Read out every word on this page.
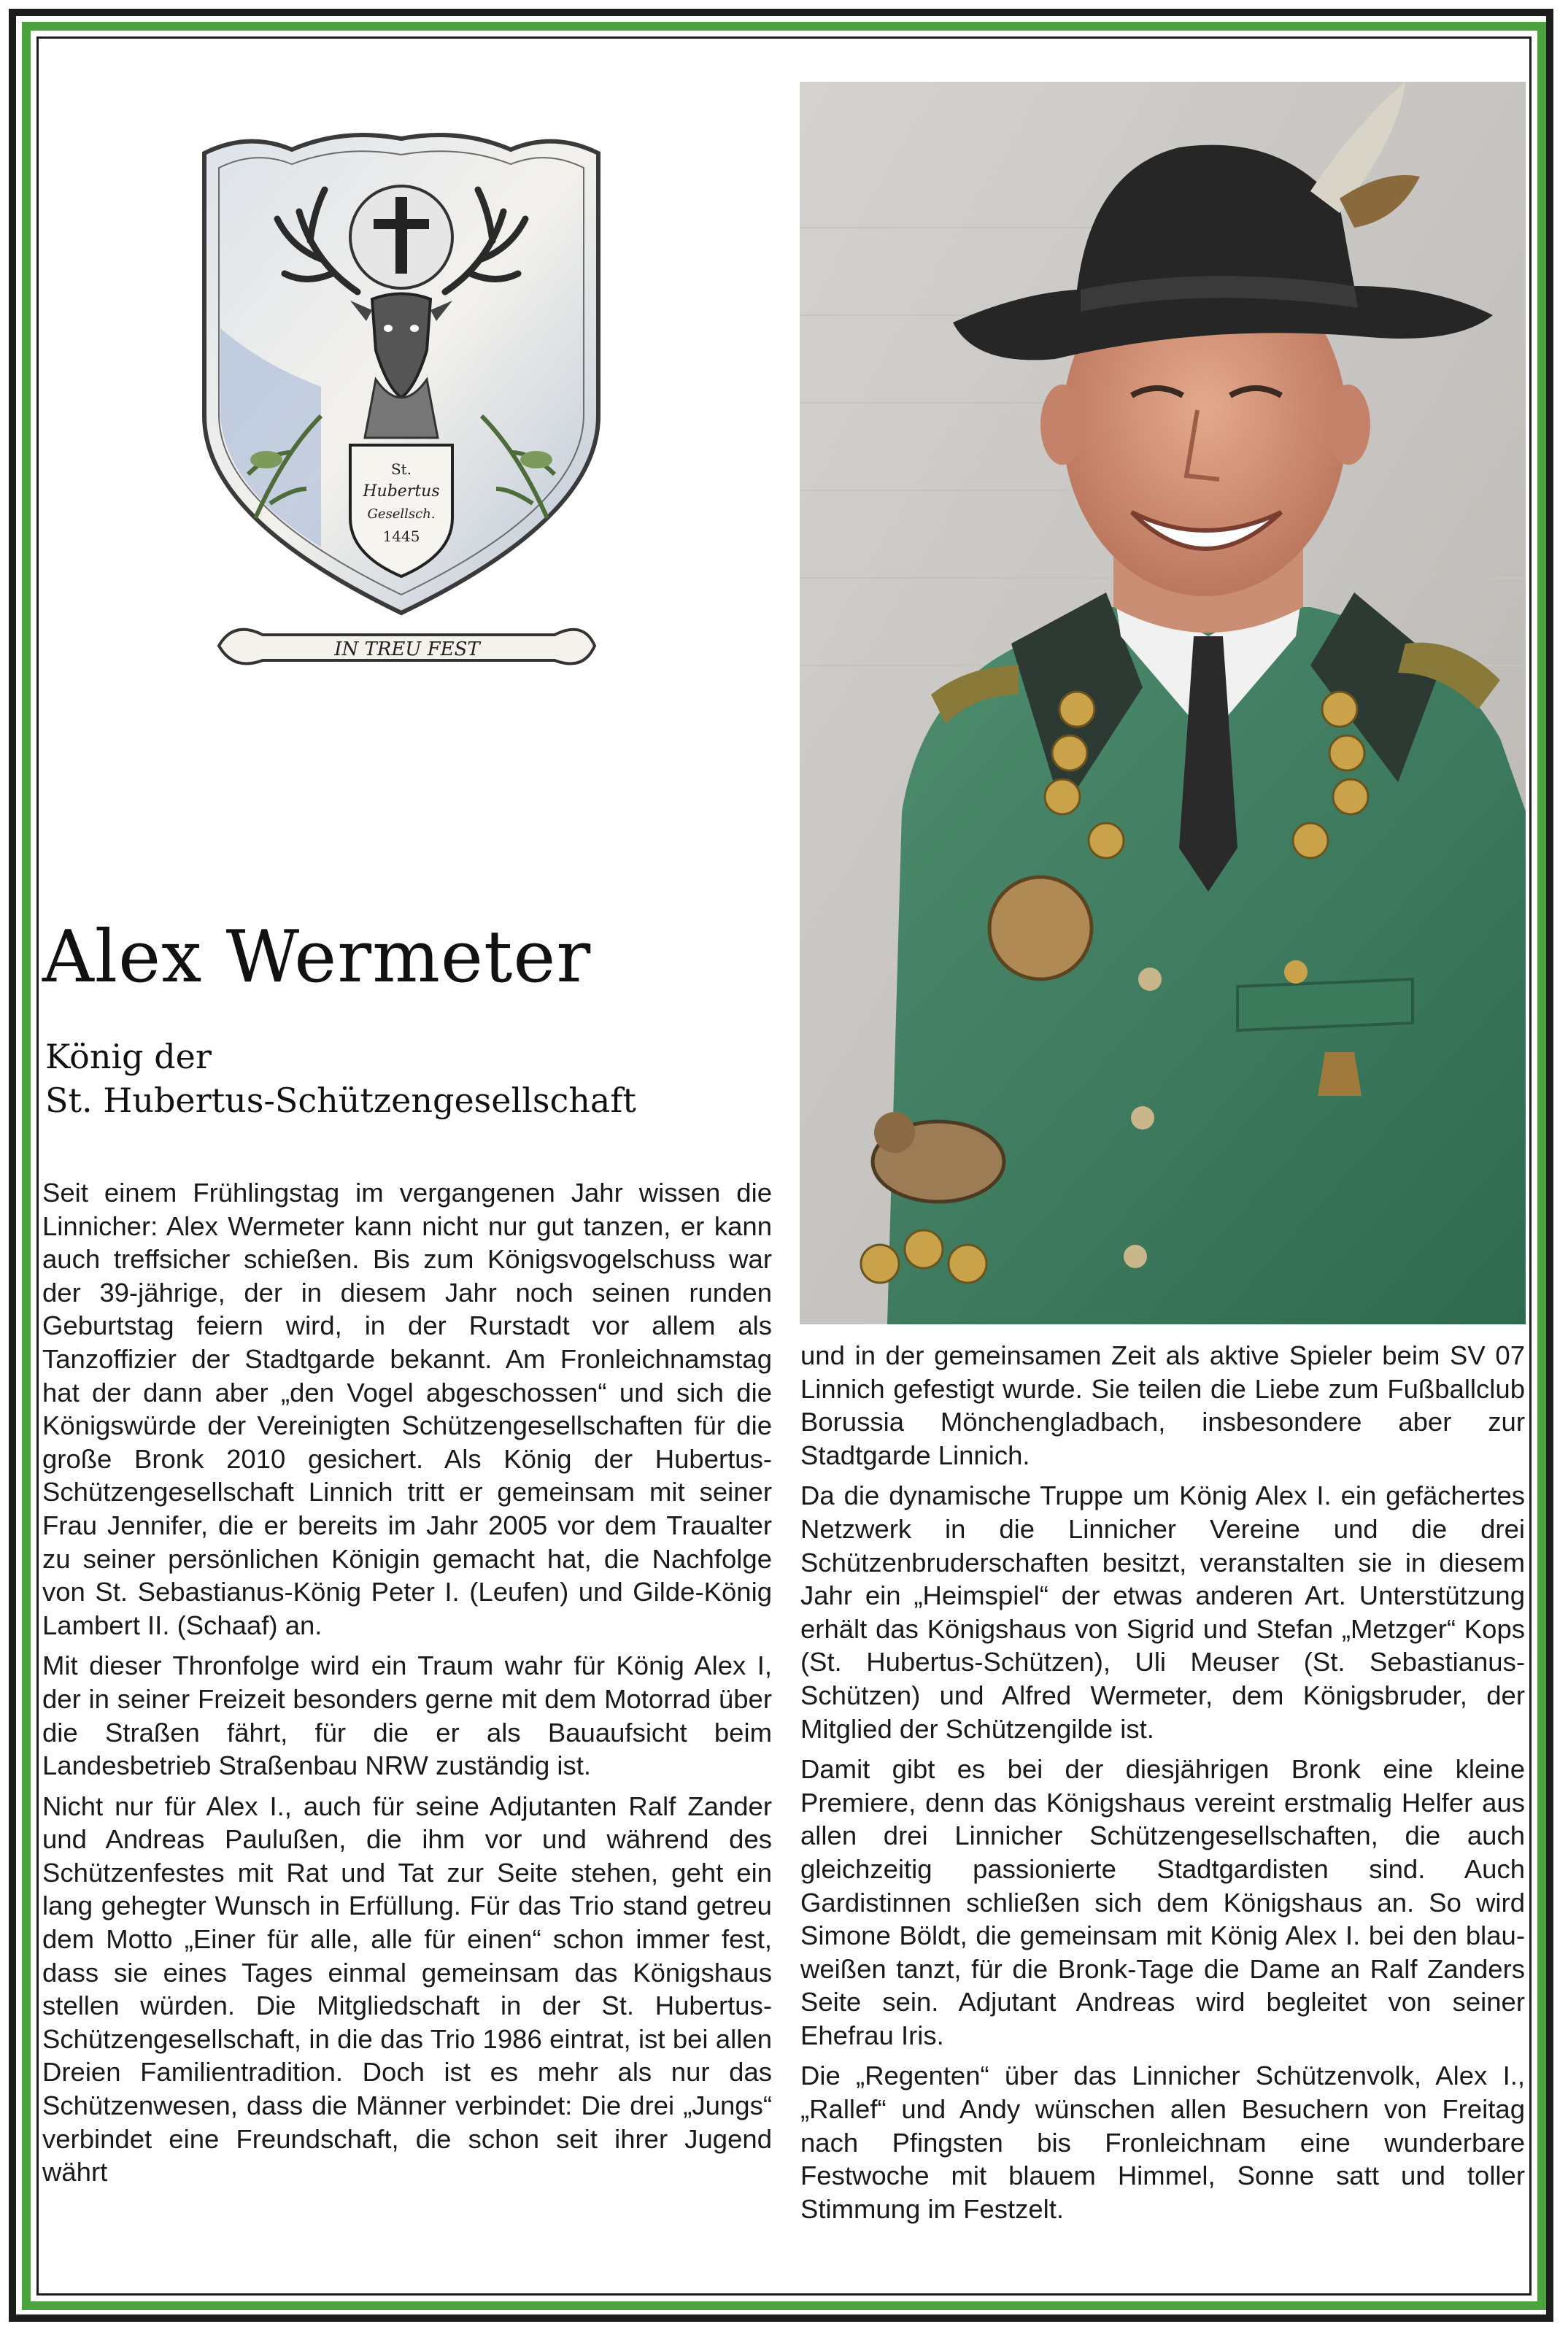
St.
Hubertus
Gesellsch.
1445
IN TREU FEST
Alex Wermeter
König der
St. Hubertus-Schützengesellschaft

Seit einem Frühlingstag im vergangenen Jahr wissen die Linnicher: Alex Wermeter kann nicht nur gut tanzen, er kann auch treffsicher schießen. Bis zum Königsvogelschuss war der 39-jährige, der in diesem Jahr noch seinen runden Geburtstag feiern wird, in der Rurstadt vor allem als Tanzoffizier der Stadtgarde bekannt. Am Fronleichnamstag hat der dann aber „den Vogel abgeschossen“ und sich die Königswürde der Vereinigten Schützengesellschaften für die große Bronk 2010 gesichert. Als König der Hubertus-Schützengesellschaft Linnich tritt er gemeinsam mit seiner Frau Jennifer, die er bereits im Jahr 2005 vor dem Traualter zu seiner persönlichen Königin gemacht hat, die Nachfolge von St. Sebastianus-König Peter I. (Leufen) und Gilde-König Lambert II. (Schaaf) an.

Mit dieser Thronfolge wird ein Traum wahr für König Alex I, der in seiner Freizeit besonders gerne mit dem Motorrad über die Straßen fährt, für die er als Bauaufsicht beim Landesbetrieb Straßenbau NRW zuständig ist.

Nicht nur für Alex I., auch für seine Adjutanten Ralf Zander und Andreas Paulußen, die ihm vor und während des Schützenfestes mit Rat und Tat zur Seite stehen, geht ein lang gehegter Wunsch in Erfüllung. Für das Trio stand getreu dem Motto „Einer für alle, alle für einen“ schon immer fest, dass sie eines Tages einmal gemeinsam das Königshaus stellen würden. Die Mitgliedschaft in der St. Hubertus-Schützengesellschaft, in die das Trio 1986 eintrat, ist bei allen Dreien Familientradition. Doch ist es mehr als nur das Schützenwesen, dass die Männer verbindet: Die drei „Jungs“ verbindet eine Freundschaft, die schon seit ihrer Jugend währt

und in der gemeinsamen Zeit als aktive Spieler beim SV 07 Linnich gefestigt wurde. Sie teilen die Liebe zum Fußballclub Borussia Mönchengladbach, insbesondere aber zur Stadtgarde Linnich.

Da die dynamische Truppe um König Alex I. ein gefächertes Netzwerk in die Linnicher Vereine und die drei Schützenbruderschaften besitzt, veranstalten sie in diesem Jahr ein „Heimspiel“ der etwas anderen Art. Unterstützung erhält das Königshaus von Sigrid und Stefan „Metzger“ Kops (St. Hubertus-Schützen), Uli Meuser (St. Sebastianus-Schützen) und Alfred Wermeter, dem Königsbruder, der Mitglied der Schützengilde ist.

Damit gibt es bei der diesjährigen Bronk eine kleine Premiere, denn das Königshaus vereint erstmalig Helfer aus allen drei Linnicher Schützengesellschaften, die auch gleichzeitig passionierte Stadtgardisten sind. Auch Gardistinnen schließen sich dem Königshaus an. So wird Simone Böldt, die gemeinsam mit König Alex I. bei den blau-weißen tanzt, für die Bronk-Tage die Dame an Ralf Zanders Seite sein. Adjutant Andreas wird begleitet von seiner Ehefrau Iris.

Die „Regenten“ über das Linnicher Schützenvolk, Alex I., „Rallef“ und Andy wünschen allen Besuchern von Freitag nach Pfingsten bis Fronleichnam eine wunderbare Festwoche mit blauem Himmel, Sonne satt und toller Stimmung im Festzelt.
